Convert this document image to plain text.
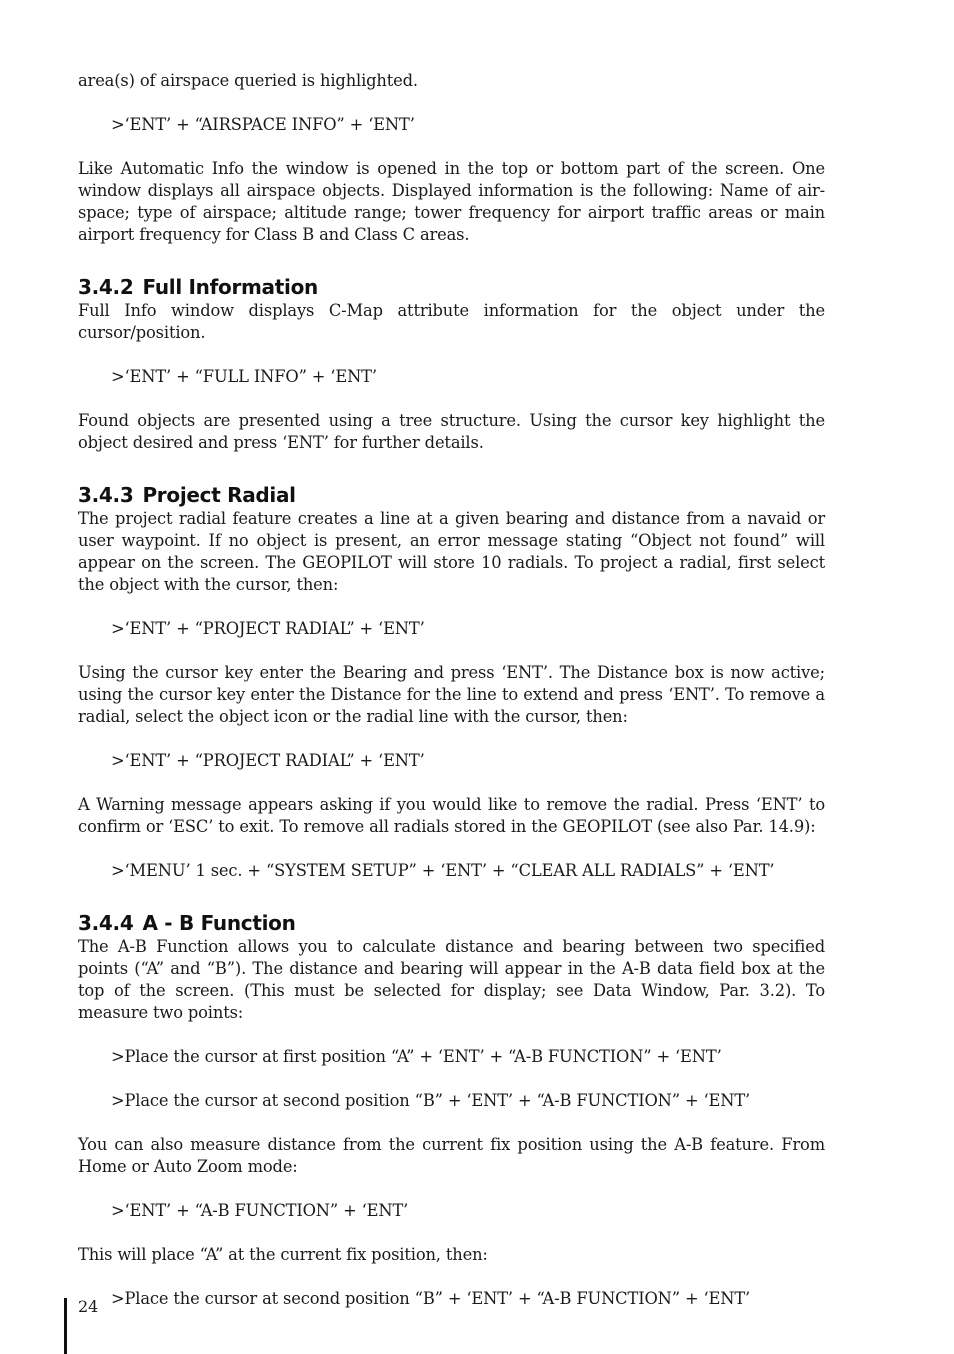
area(s) of airspace queried is highlighted.

>‘ENT’ + “AIRSPACE INFO” + ‘ENT’

Like Automatic Info the window is opened in the top or bottom part of the screen. One window displays all airspace objects. Displayed information is the following: Name of air-space; type of airspace; altitude range; tower frequency for airport traffic areas or main airport frequency for Class B and Class C areas.

3.4.2 Full Information

Full Info window displays C-Map attribute information for the object under the cursor/position.

>‘ENT’ + “FULL INFO” + ‘ENT’

Found objects are presented using a tree structure. Using the cursor key highlight the object desired and press ‘ENT’ for further details.

3.4.3 Project Radial

The project radial feature creates a line at a given bearing and distance from a navaid or user waypoint. If no object is present, an error message stating “Object not found” will appear on the screen. The GEOPILOT will store 10 radials. To project a radial, first select the object with the cursor, then:

>‘ENT’ + “PROJECT RADIAL” + ‘ENT’

Using the cursor key enter the Bearing and press ‘ENT’. The Distance box is now active; using the cursor key enter the Distance for the line to extend and press ‘ENT’. To remove a radial, select the object icon or the radial line with the cursor, then:

>‘ENT’ + “PROJECT RADIAL” + ‘ENT’

A Warning message appears asking if you would like to remove the radial. Press ‘ENT’ to confirm or ‘ESC’ to exit. To remove all radials stored in the GEOPILOT (see also Par. 14.9):

>‘MENU’ 1 sec. + “SYSTEM SETUP” + ‘ENT’ + “CLEAR ALL RADIALS” + ‘ENT’

3.4.4 A - B Function

The A-B Function allows you to calculate distance and bearing between two specified points (“A” and “B”). The distance and bearing will appear in the A-B data field box at the top of the screen. (This must be selected for display; see Data Window, Par. 3.2). To measure two points:

>Place the cursor at first position “A” + ‘ENT’ + “A-B FUNCTION” + ‘ENT’

>Place the cursor at second position “B” + ‘ENT’ + “A-B FUNCTION” + ‘ENT’

You can also measure distance from the current fix position using the A-B feature. From Home or Auto Zoom mode:

>‘ENT’ + “A-B FUNCTION” + ‘ENT’

This will place “A” at the current fix position, then:

>Place the cursor at second position “B” + ‘ENT’ + “A-B FUNCTION” + ‘ENT’

24
